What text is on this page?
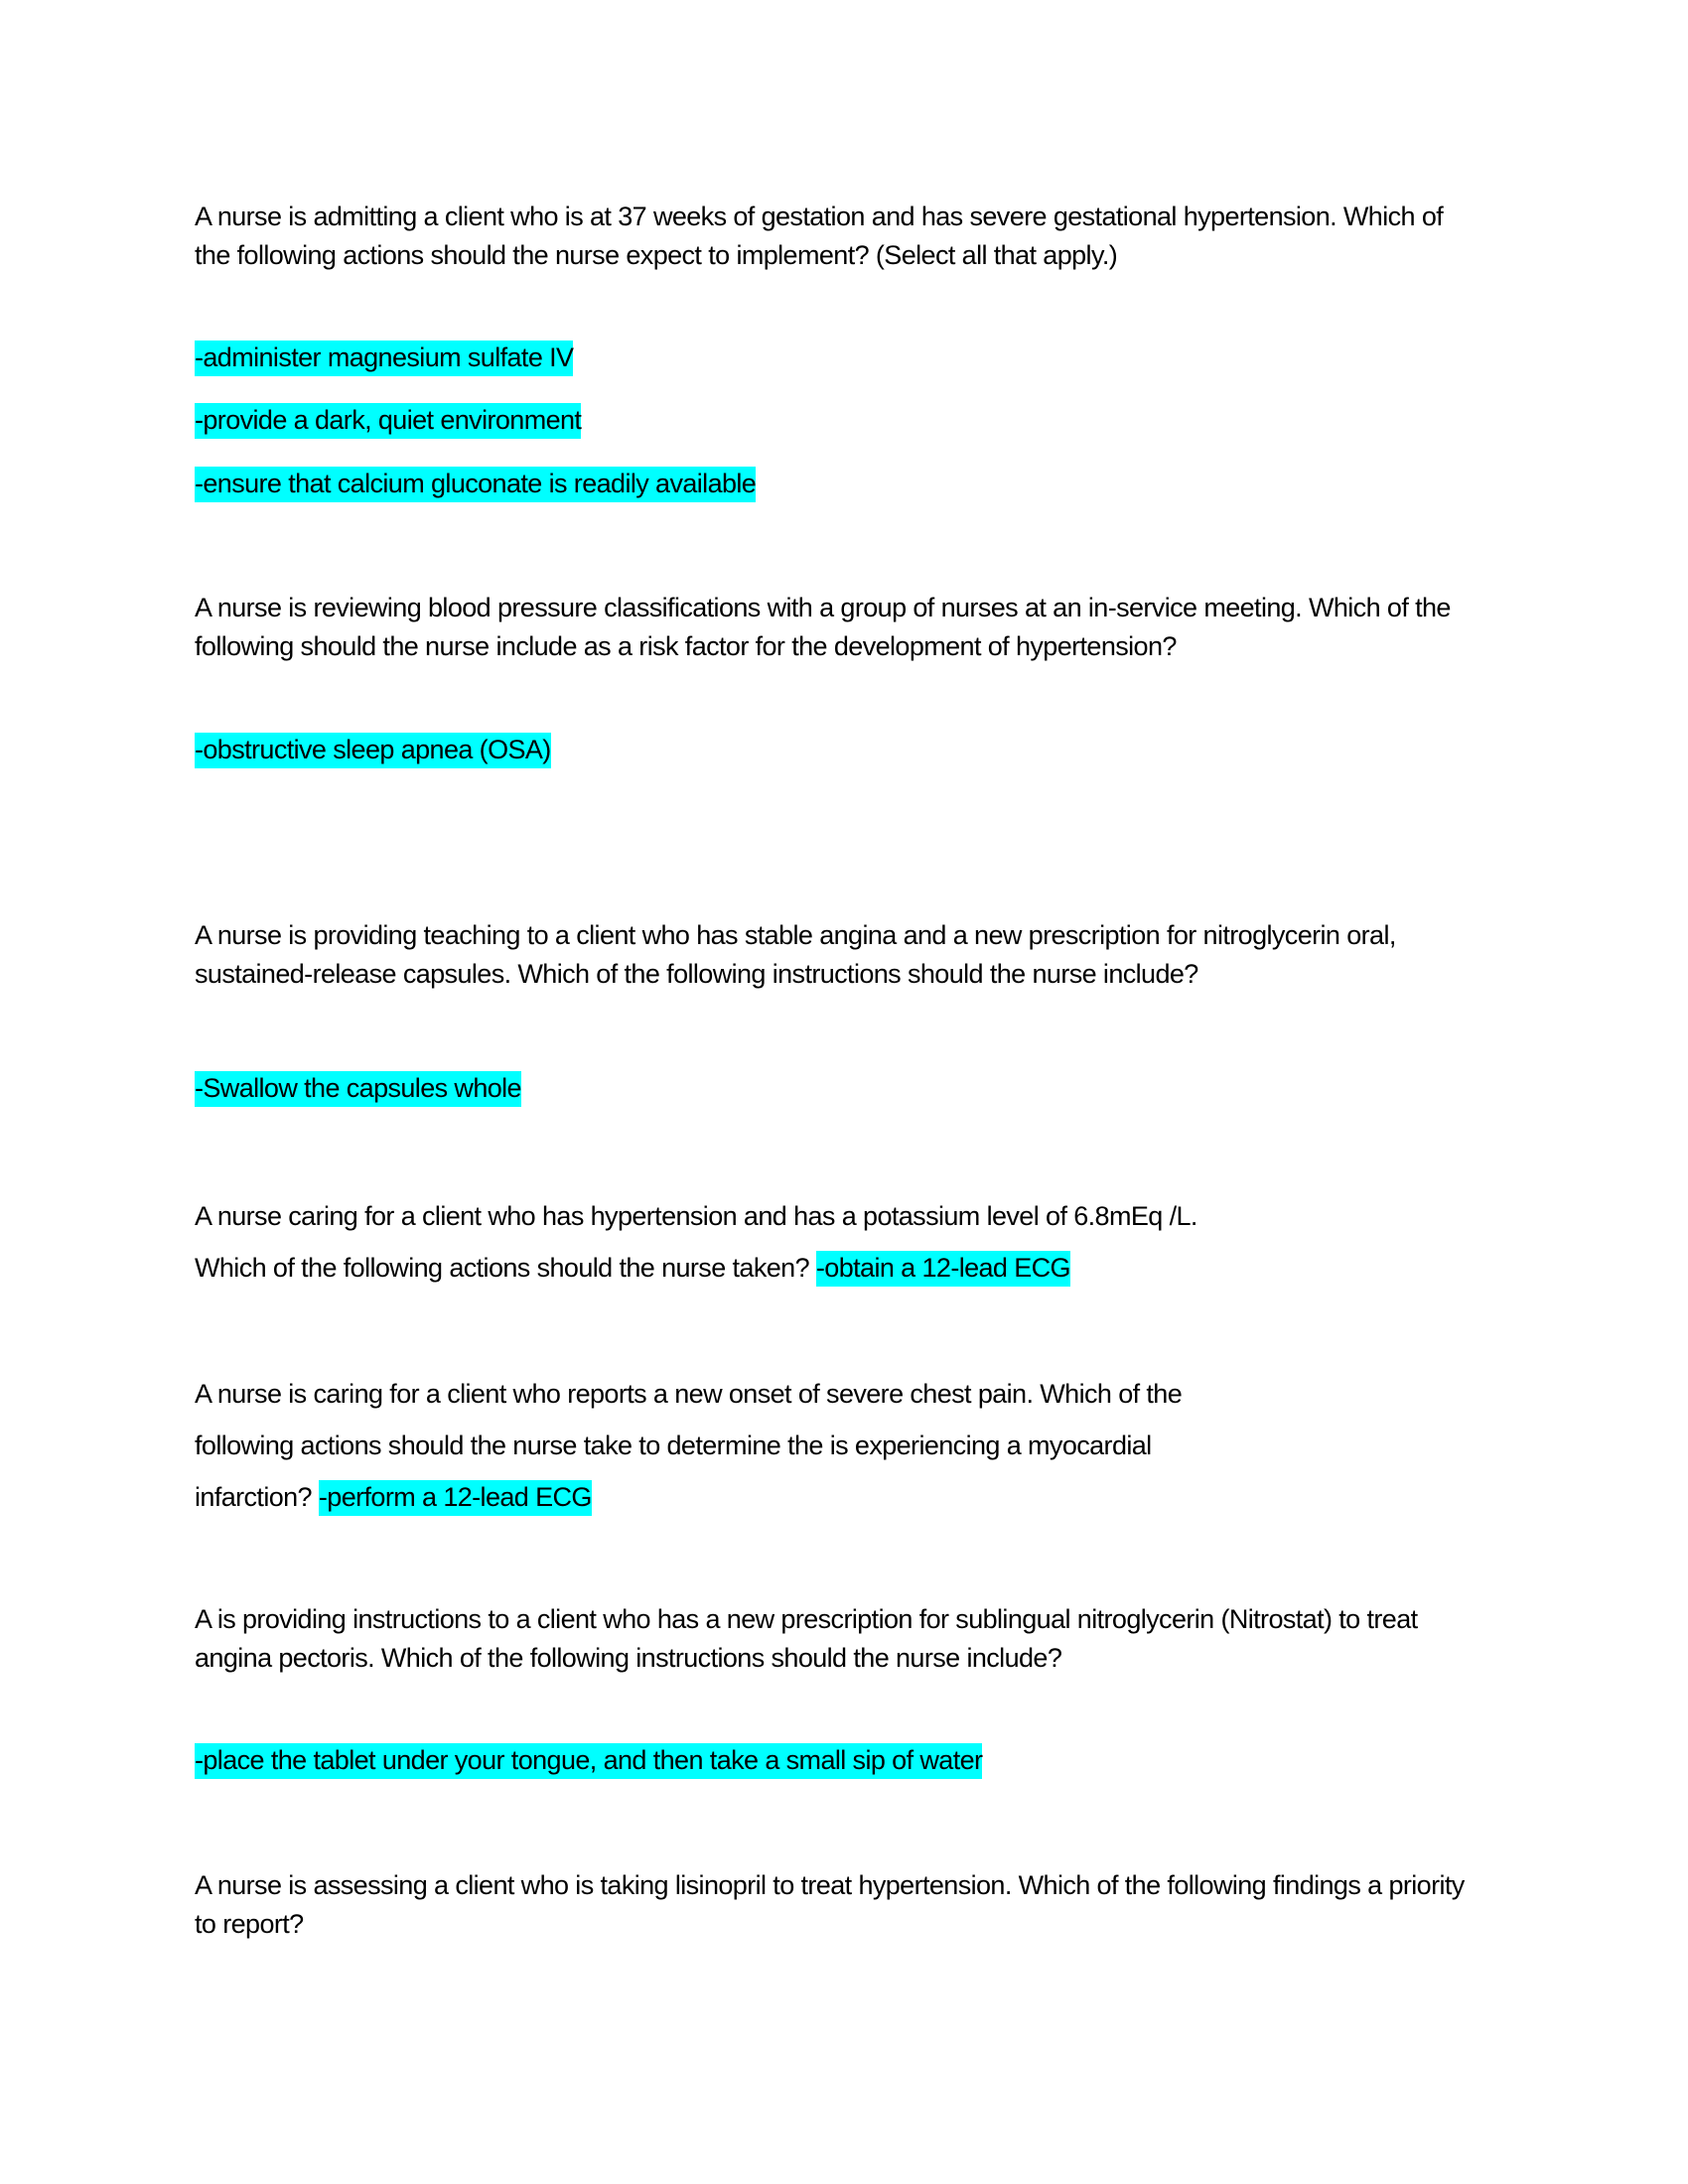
A nurse is admitting a client who is at 37 weeks of gestation and has severe gestational hypertension. Which of the following actions should the nurse expect to implement? (Select all that apply.)
-administer magnesium sulfate IV
-provide a dark, quiet environment
-ensure that calcium gluconate is readily available
A nurse is reviewing blood pressure classifications with a group of nurses at an in-service meeting. Which of the following should the nurse include as a risk factor for the development of hypertension?
-obstructive sleep apnea (OSA)
A nurse is providing teaching to a client who has stable angina and a new prescription for nitroglycerin oral, sustained-release capsules. Which of the following instructions should the nurse include?
-Swallow the capsules whole
A nurse caring for a client who has hypertension and has a potassium level of 6.8mEq /L.
Which of the following actions should the nurse taken? -obtain a 12-lead ECG
A nurse is caring for a client who reports a new onset of severe chest pain. Which of the
following actions should the nurse take to determine the is experiencing a myocardial
infarction? -perform a 12-lead ECG
A is providing instructions to a client who has a new prescription for sublingual nitroglycerin (Nitrostat) to treat angina pectoris. Which of the following instructions should the nurse include?
-place the tablet under your tongue, and then take a small sip of water
A nurse is assessing a client who is taking lisinopril to treat hypertension. Which of the following findings a priority to report?
